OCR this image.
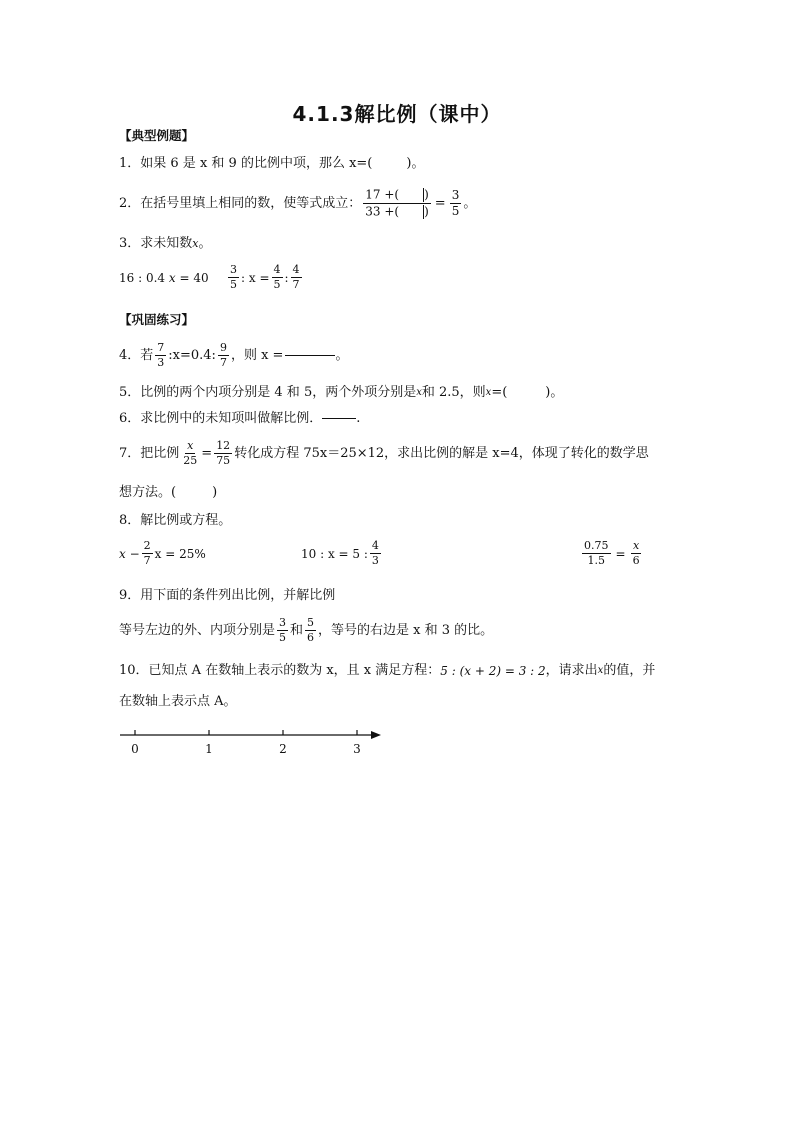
4.1.3解比例（课中）
【典型例题】
1．如果 6 是 x 和 9 的比例中项，那么 x=(	)。
2．在括号里填上相同的数，使等式成立： $\frac{17 +( )}{33 +( )} = \frac{3}{5}$ 。
3．求未知数 x 。
16 : 0.4
x
= $40 \frac{3}{5}$ : $x = \frac{4}{5}$ : $\frac{4}{7}$
【巩固练习】
4．若 $\frac{7}{3}$ :x=0.4: $\frac{9}{7}$ ，则 x =	。
5．比例的两个内项分别是 4 和 5，两个外项分别是 x 和 2.5，则 x =(	)。
6．求比例中的未知项叫做解比例．	.
7．把比例 $\frac{x}{25} = \frac{12}{75}$ 转化成方程 75x＝25×12，求出比例的解是 x=4，体现了转化的数学思
想方法。(	)
8．解比例或方程。
$x - \frac{2}{7}$ x = 25%	10 : x = 5 : $\frac{4}{3}$	$\frac{0.75}{1.5} = \frac{x}{6}$
9．用下面的条件列出比例，并解比例
等号左边的外、内项分别是 $\frac{3}{5}$ 和 $\frac{5}{6}$ ，等号的右边是 x 和 3 的比。
10．已知点 A 在数轴上表示的数为 x，且 x 满足方程： 5 : (x + 2) = 3 : 2 ，请求出 x 的值，并
在数轴上表示点 A。
0	1	2	3
